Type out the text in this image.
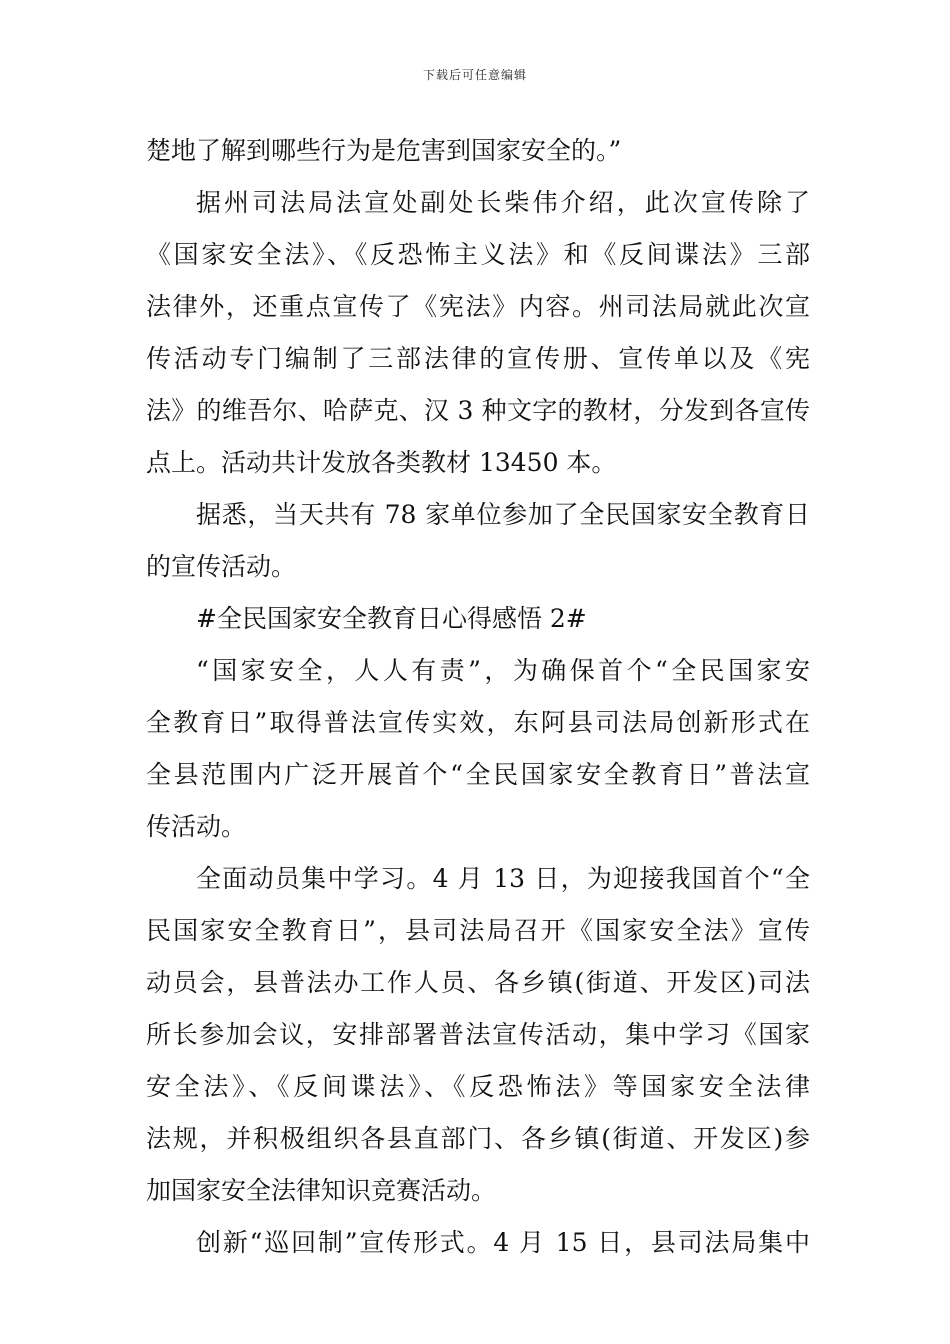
下载后可任意编辑
楚地了解到哪些行为是危害到国家安全的。”
据州司法局法宣处副处长柴伟介绍，此次宣传除了
《国家安全法》、《反恐怖主义法》和《反间谍法》三部
法律外，还重点宣传了《宪法》内容。州司法局就此次宣
传活动专门编制了三部法律的宣传册、宣传单以及《宪
法》的维吾尔、哈萨克、汉 3 种文字的教材，分发到各宣传
点上。活动共计发放各类教材 13450 本。
据悉，当天共有 78 家单位参加了全民国家安全教育日
的宣传活动。
#全民国家安全教育日心得感悟 2#
“国家安全，人人有责”，为确保首个“全民国家安
全教育日”取得普法宣传实效，东阿县司法局创新形式在
全县范围内广泛开展首个“全民国家安全教育日”普法宣
传活动。
全面动员集中学习。4 月 13 日，为迎接我国首个“全
民国家安全教育日”，县司法局召开《国家安全法》宣传
动员会，县普法办工作人员、各乡镇(街道、开发区)司法
所长参加会议，安排部署普法宣传活动，集中学习《国家
安全法》、《反间谍法》、《反恐怖法》等国家安全法律
法规，并积极组织各县直部门、各乡镇(街道、开发区)参
加国家安全法律知识竞赛活动。
创新“巡回制”宣传形式。4 月 15 日，县司法局集中
